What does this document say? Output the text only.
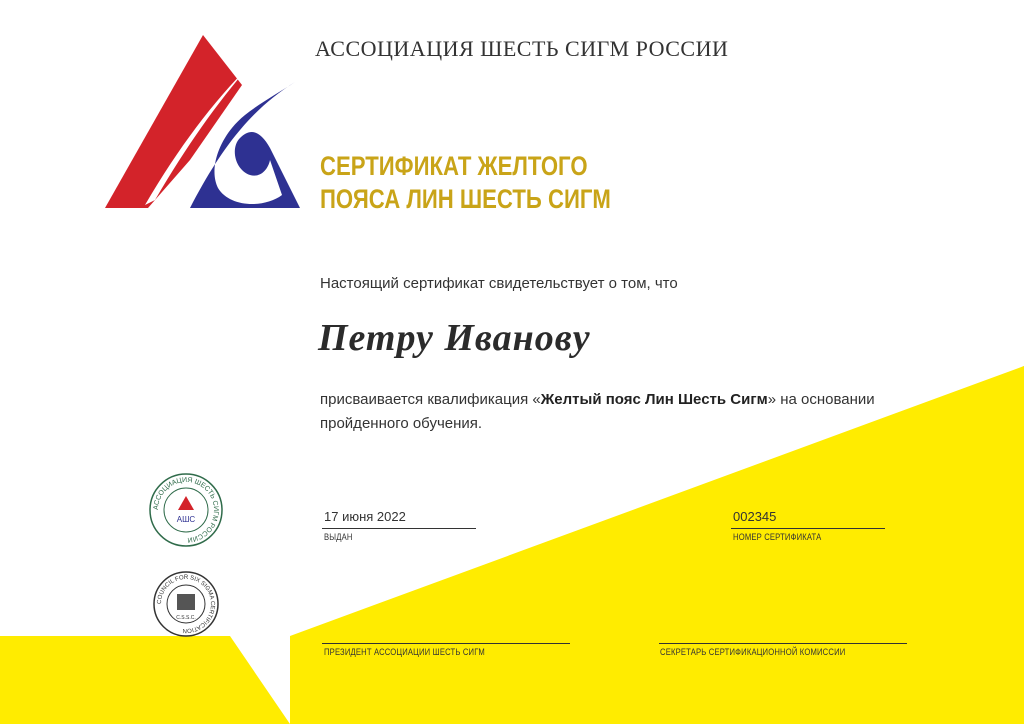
АССОЦИАЦИЯ ШЕСТЬ СИГМ РОССИИ
СЕРТИФИКАТ ЖЕЛТОГО
ПОЯСА ЛИН ШЕСТЬ СИГМ
Настоящий сертификат свидетельствует о том, что
Петру Иванову
присваивается квалификация «Желтый пояс Лин Шесть Сигм» на основании пройденного обучения.
АССОЦИАЦИЯ ШЕСТЬ СИГМ РОССИИ
АШС
COUNCIL FOR SIX SIGMA CERTIFICATION
C.S.S.C.
17 июня 2022
ВЫДАН
002345
НОМЕР СЕРТИФИКАТА
ПРЕЗИДЕНТ АССОЦИАЦИИ ШЕСТЬ СИГМ	СЕКРЕТАРЬ СЕРТИФИКАЦИОННОЙ КОМИССИИ
